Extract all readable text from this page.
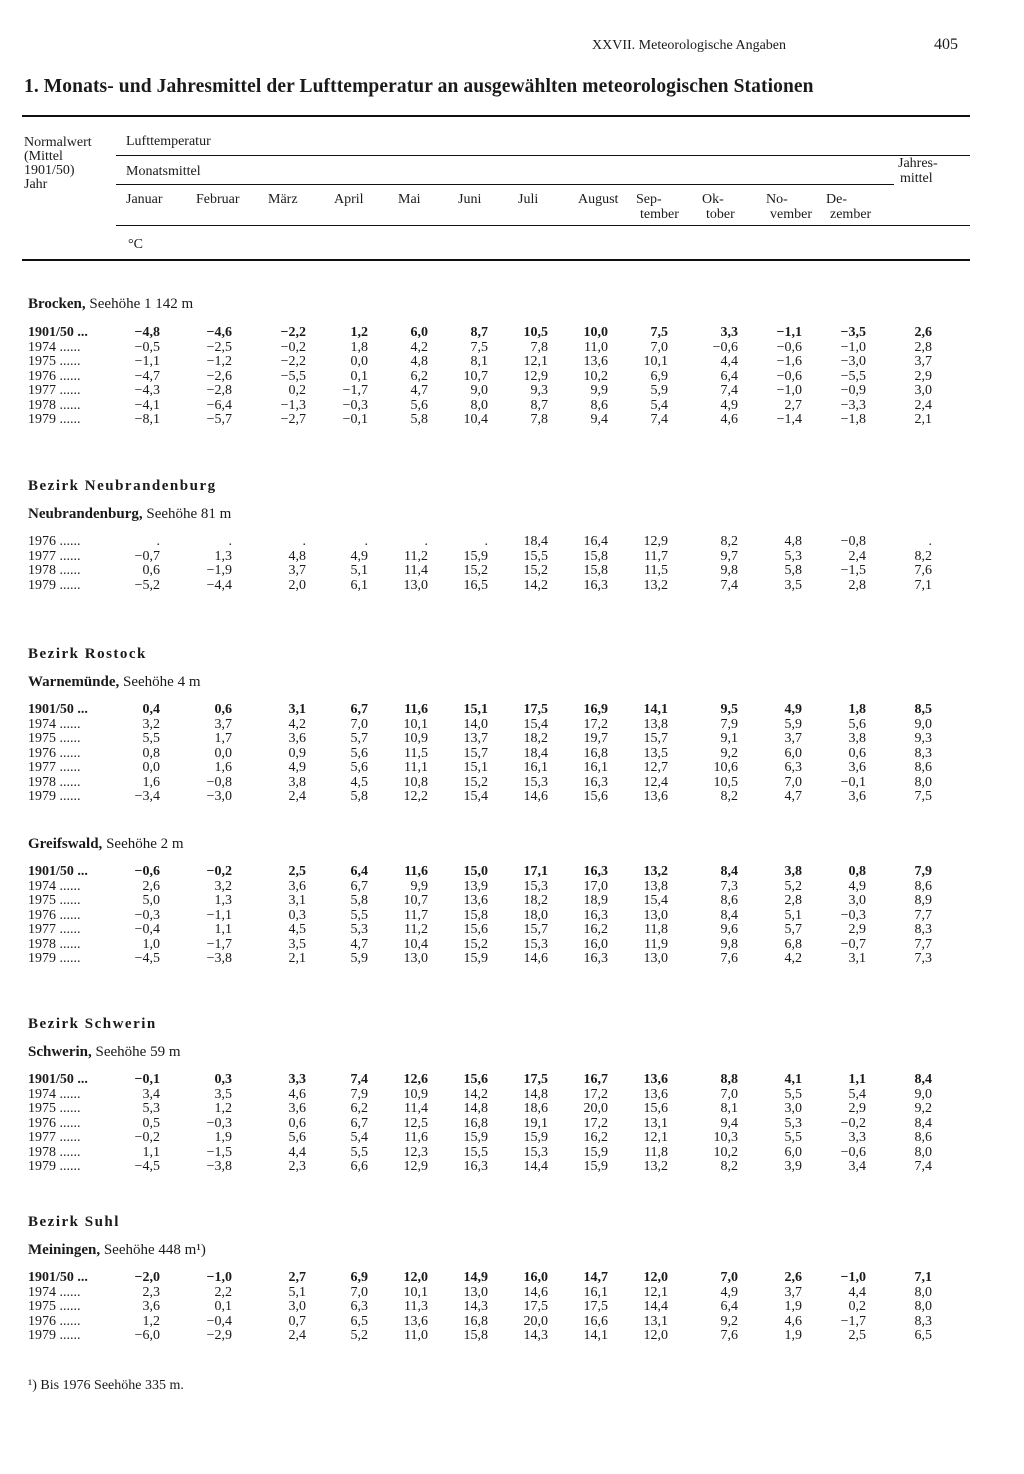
XXVII. Meteorologische Angaben	405
1. Monats- und Jahresmittel der Lufttemperatur an ausgewählten meteorologischen Stationen
Normalwert
(Mittel
1901/50)
Jahr
Lufttemperatur
Monatsmittel
Jahres-
mittel
Januar Februar März	April Mai	Juni	Juli	August Sep-
tember
Ok-
tober
No-
vember
De-
zember
°C
Brocken, Seehöhe 1 142 m
1901/50 ...	−4,8	−4,6	−2,2	1,2	6,0	8,7	10,5	10,0	7,5	3,3	−1,1	−3,5	2,6
1974 ......	−0,5	−2,5	−0,2	1,8	4,2	7,5	7,8	11,0	7,0	−0,6	−0,6	−1,0	2,8
1975 ......	−1,1	−1,2	−2,2	0,0	4,8	8,1	12,1	13,6	10,1	4,4	−1,6	−3,0	3,7
1976 ......	−4,7	−2,6	−5,5	0,1	6,2	10,7	12,9	10,2	6,9	6,4	−0,6	−5,5	2,9
1977 ......	−4,3	−2,8	0,2	−1,7	4,7	9,0	9,3	9,9	5,9	7,4	−1,0	−0,9	3,0
1978 ......	−4,1	−6,4	−1,3	−0,3	5,6	8,0	8,7	8,6	5,4	4,9	2,7	−3,3	2,4
1979 ......	−8,1	−5,7	−2,7	−0,1	5,8	10,4	7,8	9,4	7,4	4,6	−1,4	−1,8	2,1
Bezirk Neubrandenburg
Neubrandenburg, Seehöhe 81 m
1976 ......	.	.	.	.	.	.	18,4	16,4	12,9	8,2	4,8	−0,8	.
1977 ......	−0,7	1,3	4,8	4,9	11,2	15,9	15,5	15,8	11,7	9,7	5,3	2,4	8,2
1978 ......	0,6	−1,9	3,7	5,1	11,4	15,2	15,2	15,8	11,5	9,8	5,8	−1,5	7,6
1979 ......	−5,2	−4,4	2,0	6,1	13,0	16,5	14,2	16,3	13,2	7,4	3,5	2,8	7,1
Bezirk Rostock
Warnemünde, Seehöhe 4 m
1901/50 ...	0,4	0,6	3,1	6,7	11,6	15,1	17,5	16,9	14,1	9,5	4,9	1,8	8,5
1974 ......	3,2	3,7	4,2	7,0	10,1	14,0	15,4	17,2	13,8	7,9	5,9	5,6	9,0
1975 ......	5,5	1,7	3,6	5,7	10,9	13,7	18,2	19,7	15,7	9,1	3,7	3,8	9,3
1976 ......	0,8	0,0	0,9	5,6	11,5	15,7	18,4	16,8	13,5	9,2	6,0	0,6	8,3
1977 ......	0,0	1,6	4,9	5,6	11,1	15,1	16,1	16,1	12,7	10,6	6,3	3,6	8,6
1978 ......	1,6	−0,8	3,8	4,5	10,8	15,2	15,3	16,3	12,4	10,5	7,0	−0,1	8,0
1979 ......	−3,4	−3,0	2,4	5,8	12,2	15,4	14,6	15,6	13,6	8,2	4,7	3,6	7,5
Greifswald, Seehöhe 2 m
1901/50 ...	−0,6	−0,2	2,5	6,4	11,6	15,0	17,1	16,3	13,2	8,4	3,8	0,8	7,9
1974 ......	2,6	3,2	3,6	6,7	9,9	13,9	15,3	17,0	13,8	7,3	5,2	4,9	8,6
1975 ......	5,0	1,3	3,1	5,8	10,7	13,6	18,2	18,9	15,4	8,6	2,8	3,0	8,9
1976 ......	−0,3	−1,1	0,3	5,5	11,7	15,8	18,0	16,3	13,0	8,4	5,1	−0,3	7,7
1977 ......	−0,4	1,1	4,5	5,3	11,2	15,6	15,7	16,2	11,8	9,6	5,7	2,9	8,3
1978 ......	1,0	−1,7	3,5	4,7	10,4	15,2	15,3	16,0	11,9	9,8	6,8	−0,7	7,7
1979 ......	−4,5	−3,8	2,1	5,9	13,0	15,9	14,6	16,3	13,0	7,6	4,2	3,1	7,3
Bezirk Schwerin
Schwerin, Seehöhe 59 m
1901/50 ...	−0,1	0,3	3,3	7,4	12,6	15,6	17,5	16,7	13,6	8,8	4,1	1,1	8,4
1974 ......	3,4	3,5	4,6	7,9	10,9	14,2	14,8	17,2	13,6	7,0	5,5	5,4	9,0
1975 ......	5,3	1,2	3,6	6,2	11,4	14,8	18,6	20,0	15,6	8,1	3,0	2,9	9,2
1976 ......	0,5	−0,3	0,6	6,7	12,5	16,8	19,1	17,2	13,1	9,4	5,3	−0,2	8,4
1977 ......	−0,2	1,9	5,6	5,4	11,6	15,9	15,9	16,2	12,1	10,3	5,5	3,3	8,6
1978 ......	1,1	−1,5	4,4	5,5	12,3	15,5	15,3	15,9	11,8	10,2	6,0	−0,6	8,0
1979 ......	−4,5	−3,8	2,3	6,6	12,9	16,3	14,4	15,9	13,2	8,2	3,9	3,4	7,4
Bezirk Suhl
Meiningen, Seehöhe 448 m¹)
1901/50 ...	−2,0	−1,0	2,7	6,9	12,0	14,9	16,0	14,7	12,0	7,0	2,6	−1,0	7,1
1974 ......	2,3	2,2	5,1	7,0	10,1	13,0	14,6	16,1	12,1	4,9	3,7	4,4	8,0
1975 ......	3,6	0,1	3,0	6,3	11,3	14,3	17,5	17,5	14,4	6,4	1,9	0,2	8,0
1976 ......	1,2	−0,4	0,7	6,5	13,6	16,8	20,0	16,6	13,1	9,2	4,6	−1,7	8,3
1979 ......	−6,0	−2,9	2,4	5,2	11,0	15,8	14,3	14,1	12,0	7,6	1,9	2,5	6,5
¹) Bis 1976 Seehöhe 335 m.
